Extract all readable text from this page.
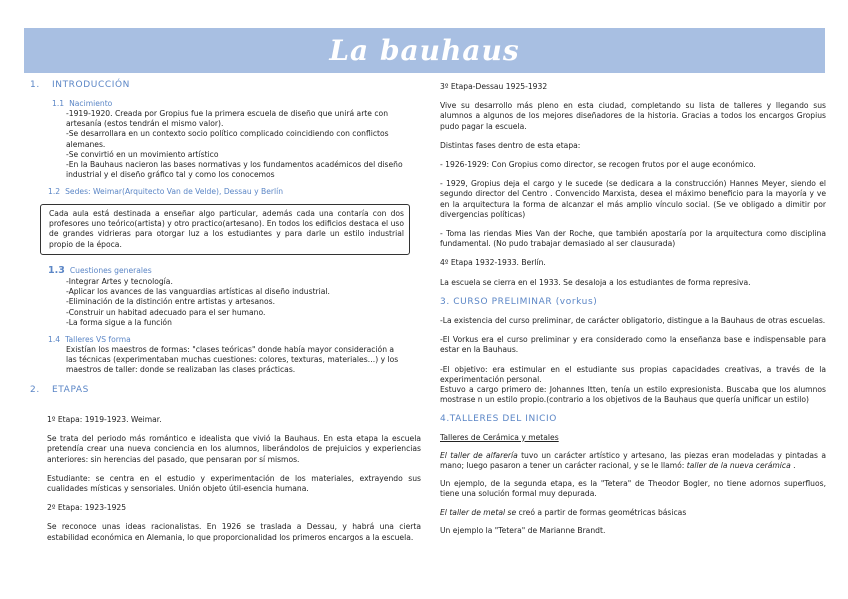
La bauhaus
1. INTRODUCCIÓN
1.1 Nacimiento
-1919-1920. Creada por Gropius fue la primera escuela de diseño que unirá arte con
artesanía (estos tendrán el mismo valor).
-Se desarrollara en un contexto socio político complicado coincidiendo con conflictos
alemanes.
-Se convirtió en un movimiento artístico
-En la Bauhaus nacieron las bases normativas y los fundamentos académicos del diseño
industrial y el diseño gráfico tal y como los conocemos
1.2 Sedes: Weimar(Arquitecto Van de Velde), Dessau y Berlín
Cada aula está destinada a enseñar algo particular, además cada una contaría con dos profesores uno teórico(artista) y otro practico(artesano). En todos los edificios destaca el uso de grandes vidrieras para otorgar luz a los estudiantes y para darle un estilo industrial propio de la época.
1.3 Cuestiones generales
-Integrar Artes y tecnología.
-Aplicar los avances de las vanguardias artísticas al diseño industrial.
-Eliminación de la distinción entre artistas y artesanos.
-Construir un habitad adecuado para el ser humano.
-La forma sigue a la función
1.4 Talleres VS forma
Existían los maestros de formas: "clases teóricas" donde había mayor consideración a
las técnicas (experimentaban muchas cuestiones: colores, texturas, materiales…) y los
maestros de taller: donde se realizaban las clases prácticas.
2. ETAPAS

1º Etapa: 1919-1923. Weimar.

Se trata del periodo más romántico e idealista que vivió la Bauhaus. En esta etapa la escuela pretendía crear una nueva conciencia en los alumnos, liberándolos de prejuicios y experiencias anteriores: sin herencias del pasado, que pensaran por sí mismos.

Estudiante: se centra en el estudio y experimentación de los materiales, extrayendo sus cualidades místicas y sensoriales. Unión objeto útil-esencia humana.

2º Etapa: 1923-1925

Se reconoce unas ideas racionalistas. En 1926 se traslada a Dessau, y habrá una cierta estabilidad económica en Alemania, lo que proporcionalidad los primeros encargos a la escuela.

3º Etapa-Dessau 1925-1932

Vive su desarrollo más pleno en esta ciudad, completando su lista de talleres y llegando sus alumnos a algunos de los mejores diseñadores de la historia. Gracias a todos los encargos Gropius pudo pagar la escuela.

Distintas fases dentro de esta etapa:

- 1926-1929: Con Gropius como director, se recogen frutos por el auge económico.

- 1929, Gropius deja el cargo y le sucede (se dedicara a la construcción) Hannes Meyer, siendo el segundo director del Centro . Convencido Marxista, desea el máximo beneficio para la mayoría y ve en la arquitectura la forma de alcanzar el más amplio vínculo social. (Se ve obligado a dimitir por divergencias políticas)

- Toma las riendas Mies Van der Roche, que también apostaría por la arquitectura como disciplina fundamental. (No pudo trabajar demasiado al ser clausurada)

4º Etapa 1932-1933. Berlín.

La escuela se cierra en el 1933. Se desaloja a los estudiantes de forma represiva.

3. CURSO PRELIMINAR (vorkus)

-La existencia del curso preliminar, de carácter obligatorio, distingue a la Bauhaus de otras escuelas.

-El Vorkus era el curso preliminar y era considerado como la enseñanza base e indispensable para estar en la Bauhaus.

-El objetivo: era estimular en el estudiante sus propias capacidades creativas, a través de la experimentación personal.

Estuvo a cargo primero de: Johannes Itten, tenía un estilo expresionista. Buscaba que los alumnos mostrase n un estilo propio.(contrario a los objetivos de la Bauhaus que quería unificar un estilo)

4.TALLERES DEL INICIO

Talleres de Cerámica y metales

El taller de alfarería tuvo un carácter artístico y artesano, las piezas eran modeladas y pintadas a mano; luego pasaron a tener un carácter racional, y se le llamó: taller de la nueva cerámica .

Un ejemplo, de la segunda etapa, es la "Tetera" de Theodor Bogler, no tiene adornos superfluos, tiene una solución formal muy depurada.

El taller de metal se creó a partir de formas geométricas básicas

Un ejemplo la "Tetera" de Marianne Brandt.
